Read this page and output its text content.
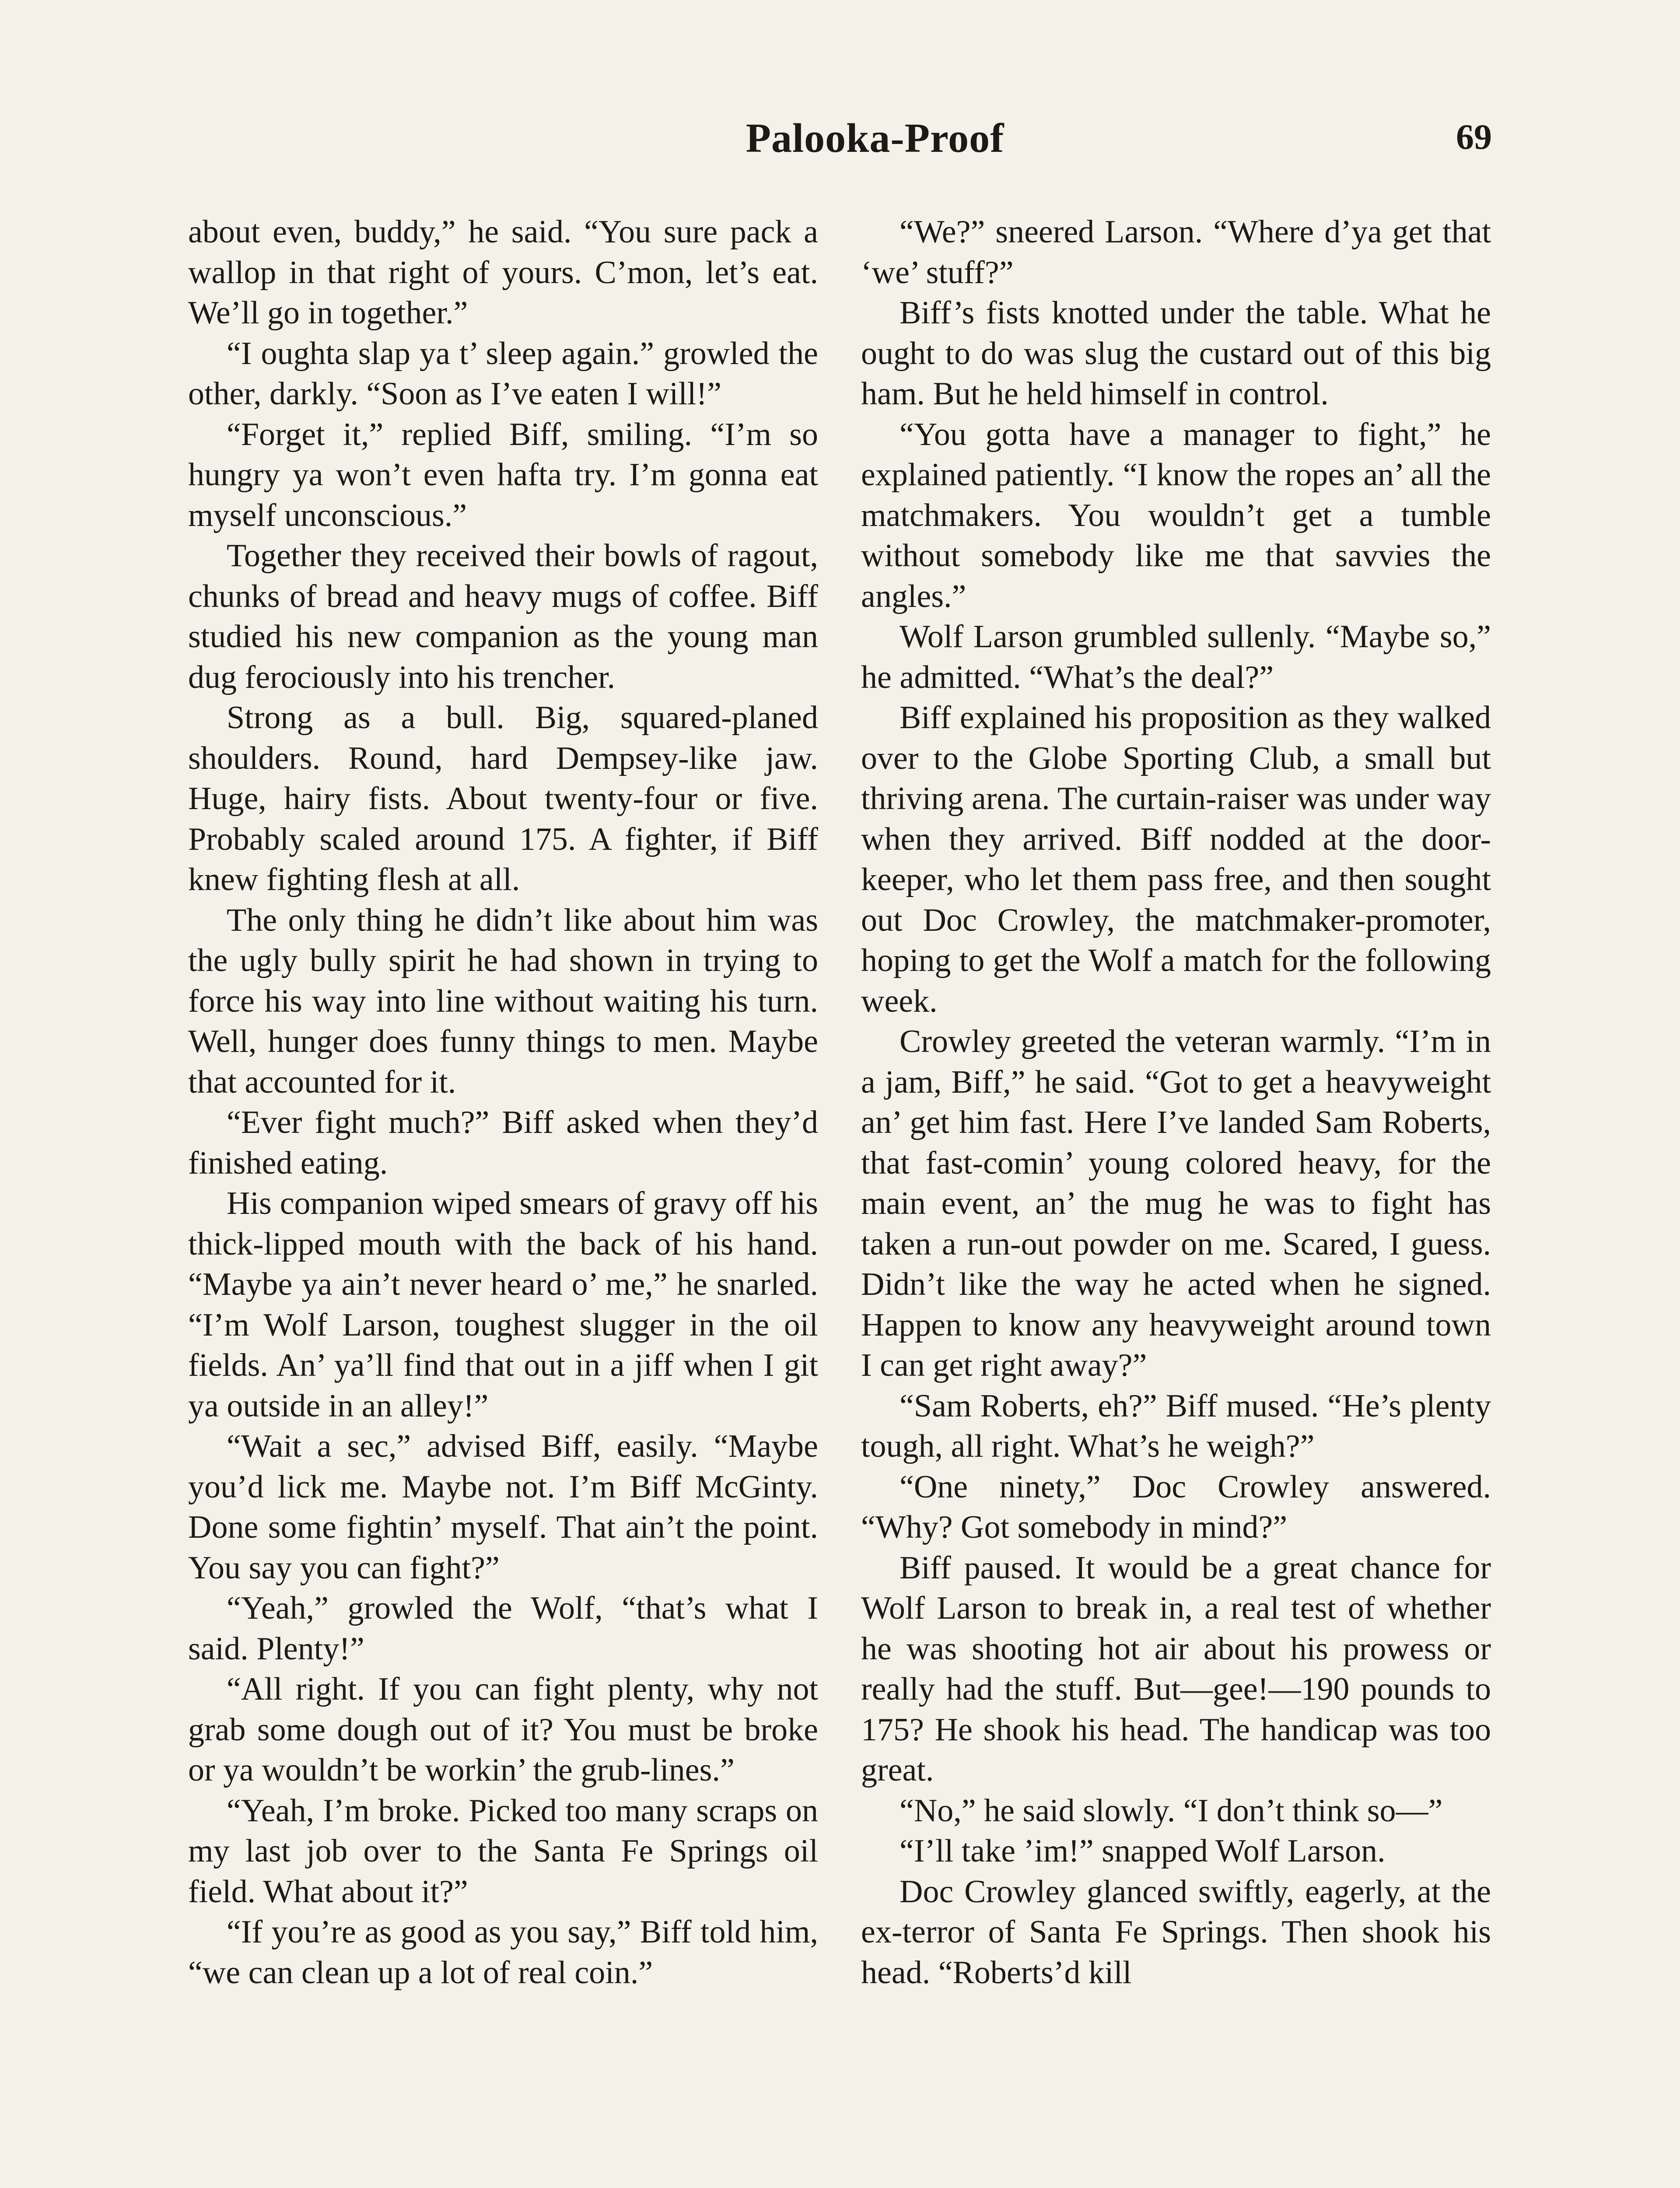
Palooka-Proof	69

about even, buddy,” he said. “You sure pack a wallop in that right of yours. C’mon, let’s eat. We’ll go in together.”

“I oughta slap ya t’ sleep again.” growled the other, darkly. “Soon as I’ve eaten I will!”

“Forget it,” replied Biff, smiling. “I’m so hungry ya won’t even hafta try. I’m gonna eat myself unconscious.”

Together they received their bowls of ragout, chunks of bread and heavy mugs of coffee. Biff studied his new companion as the young man dug ferociously into his trencher.

Strong as a bull. Big, squared-planed shoulders. Round, hard Dempsey-like jaw. Huge, hairy fists. About twenty-four or five. Probably scaled around 175. A fighter, if Biff knew fighting flesh at all.

The only thing he didn’t like about him was the ugly bully spirit he had shown in trying to force his way into line without waiting his turn. Well, hunger does funny things to men. Maybe that accounted for it.

“Ever fight much?” Biff asked when they’d finished eating.

His companion wiped smears of gravy off his thick-lipped mouth with the back of his hand. “Maybe ya ain’t never heard o’ me,” he snarled. “I’m Wolf Larson, toughest slugger in the oil fields. An’ ya’ll find that out in a jiff when I git ya outside in an alley!”

“Wait a sec,” advised Biff, easily. “Maybe you’d lick me. Maybe not. I’m Biff McGinty. Done some fightin’ myself. That ain’t the point. You say you can fight?”

“Yeah,” growled the Wolf, “that’s what I said. Plenty!”

“All right. If you can fight plenty, why not grab some dough out of it? You must be broke or ya wouldn’t be workin’ the grub-lines.”

“Yeah, I’m broke. Picked too many scraps on my last job over to the Santa Fe Springs oil field. What about it?”

“If you’re as good as you say,” Biff told him, “we can clean up a lot of real coin.”

“We?” sneered Larson. “Where d’ya get that ‘we’ stuff?”

Biff’s fists knotted under the table. What he ought to do was slug the custard out of this big ham. But he held himself in control.

“You gotta have a manager to fight,” he explained patiently. “I know the ropes an’ all the matchmakers. You wouldn’t get a tumble without somebody like me that savvies the angles.”

Wolf Larson grumbled sullenly. “Maybe so,” he admitted. “What’s the deal?”

Biff explained his proposition as they walked over to the Globe Sporting Club, a small but thriving arena. The curtain-raiser was under way when they arrived. Biff nodded at the door-keeper, who let them pass free, and then sought out Doc Crowley, the matchmaker-promoter, hoping to get the Wolf a match for the following week.

Crowley greeted the veteran warmly. “I’m in a jam, Biff,” he said. “Got to get a heavyweight an’ get him fast. Here I’ve landed Sam Roberts, that fast-comin’ young colored heavy, for the main event, an’ the mug he was to fight has taken a run-out powder on me. Scared, I guess. Didn’t like the way he acted when he signed. Happen to know any heavyweight around town I can get right away?”

“Sam Roberts, eh?” Biff mused. “He’s plenty tough, all right. What’s he weigh?”

“One ninety,” Doc Crowley answered. “Why? Got somebody in mind?”

Biff paused. It would be a great chance for Wolf Larson to break in, a real test of whether he was shooting hot air about his prowess or really had the stuff. But—gee!—190 pounds to 175? He shook his head. The handicap was too great.

“No,” he said slowly. “I don’t think so—”

“I’ll take ’im!” snapped Wolf Larson.

Doc Crowley glanced swiftly, eagerly, at the ex-terror of Santa Fe Springs. Then shook his head. “Roberts’d kill
